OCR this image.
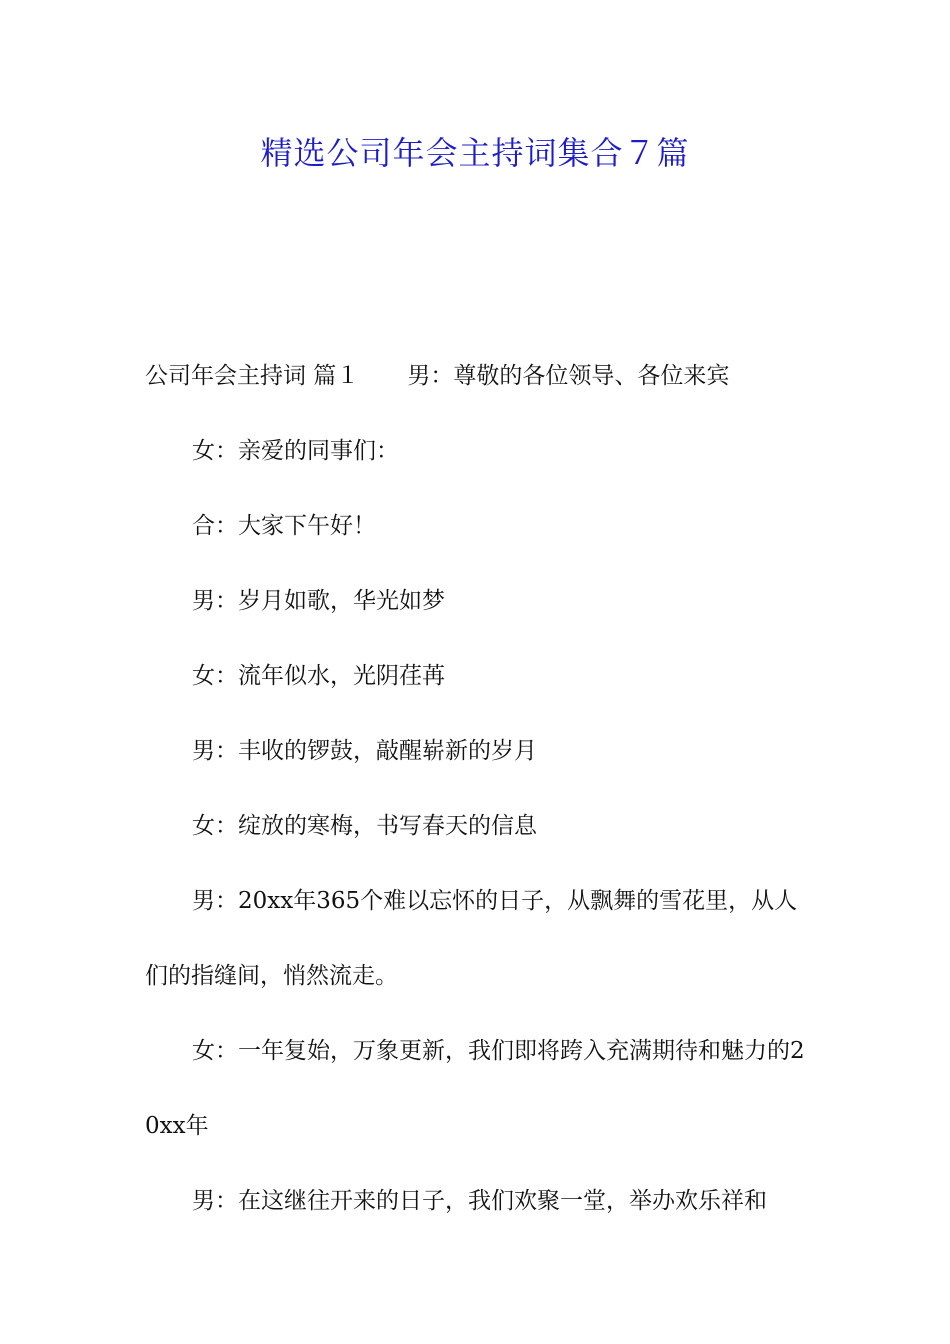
精选公司年会主持词集合７篇

公司年会主持词 篇１ 男：尊敬的各位领导、各位来宾

女：亲爱的同事们：

合：大家下午好！

男：岁月如歌，华光如梦

女：流年似水，光阴荏苒

男：丰收的锣鼓，敲醒崭新的岁月

女：绽放的寒梅，书写春天的信息

男：20xx年365个难以忘怀的日子，从飘舞的雪花里，从人们的指缝间，悄然流走。

女：一年复始，万象更新，我们即将跨入充满期待和魅力的20xx年

男：在这继往开来的日子，我们欢聚一堂，举办欢乐祥和
